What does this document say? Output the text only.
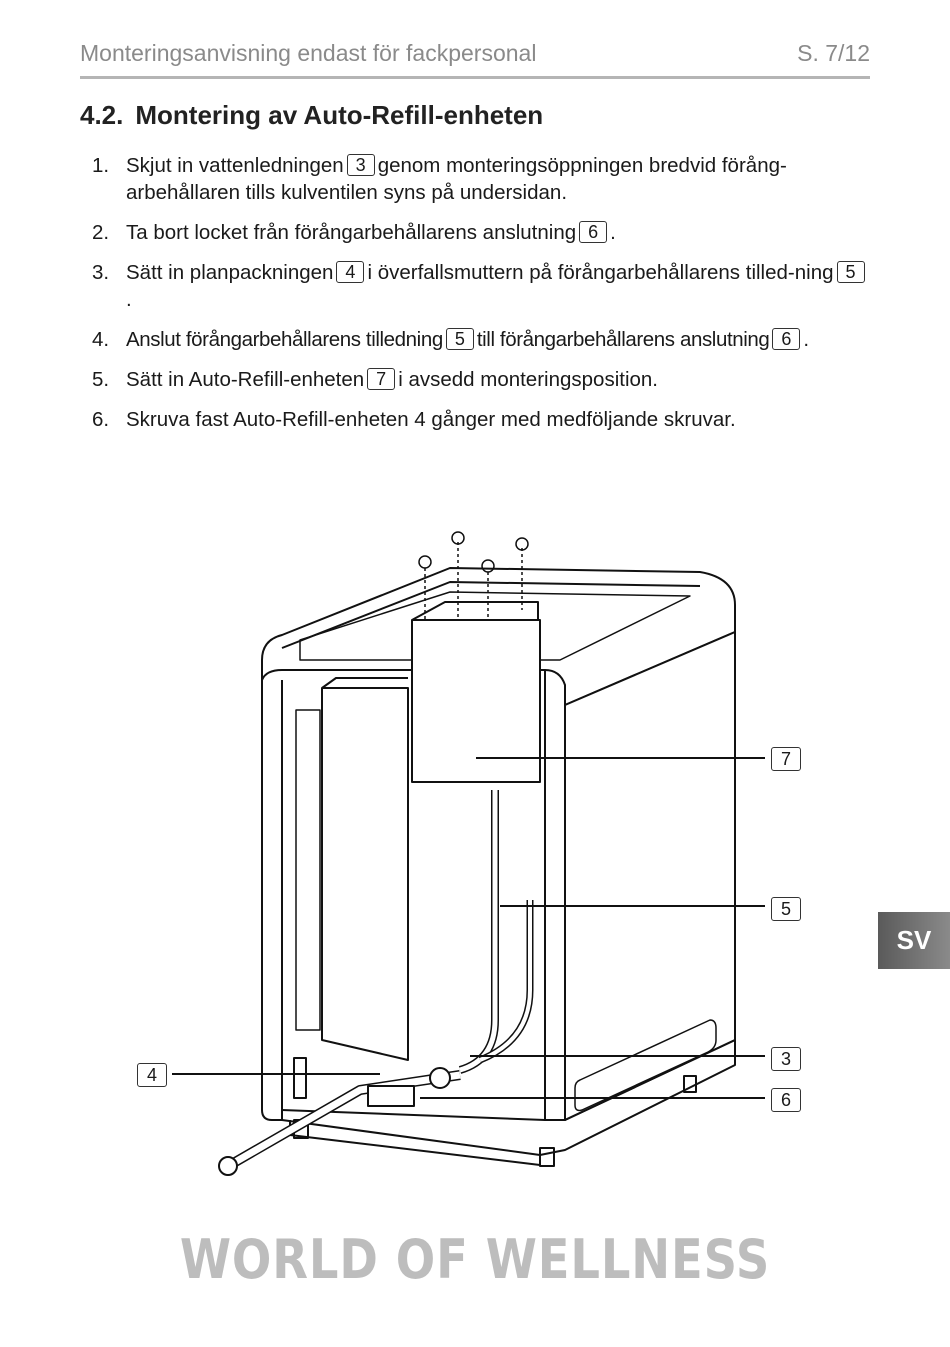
Monteringsanvisning endast för fackpersonal	S. 7/12
4.2. Montering av Auto-Refill-enheten
1. Skjut in vattenledningen 3 genom monteringsöppningen bredvid förång-arbehållaren tills kulventilen syns på undersidan.
2. Ta bort locket från förångarbehållarens anslutning 6 .
3. Sätt in planpackningen 4 i överfallsmuttern på förångarbehållarens tilled-ning 5.
4. Anslut förångarbehållarens tilledning 5 till förångarbehållarens anslutning 6 .
5. Sätt in Auto-Refill-enheten 7 i avsedd monteringsposition.
6. Skruva fast Auto-Refill-enheten 4 gånger med medföljande skruvar.
7
5
3
6
4
SV
WORLD OF WELLNESS
